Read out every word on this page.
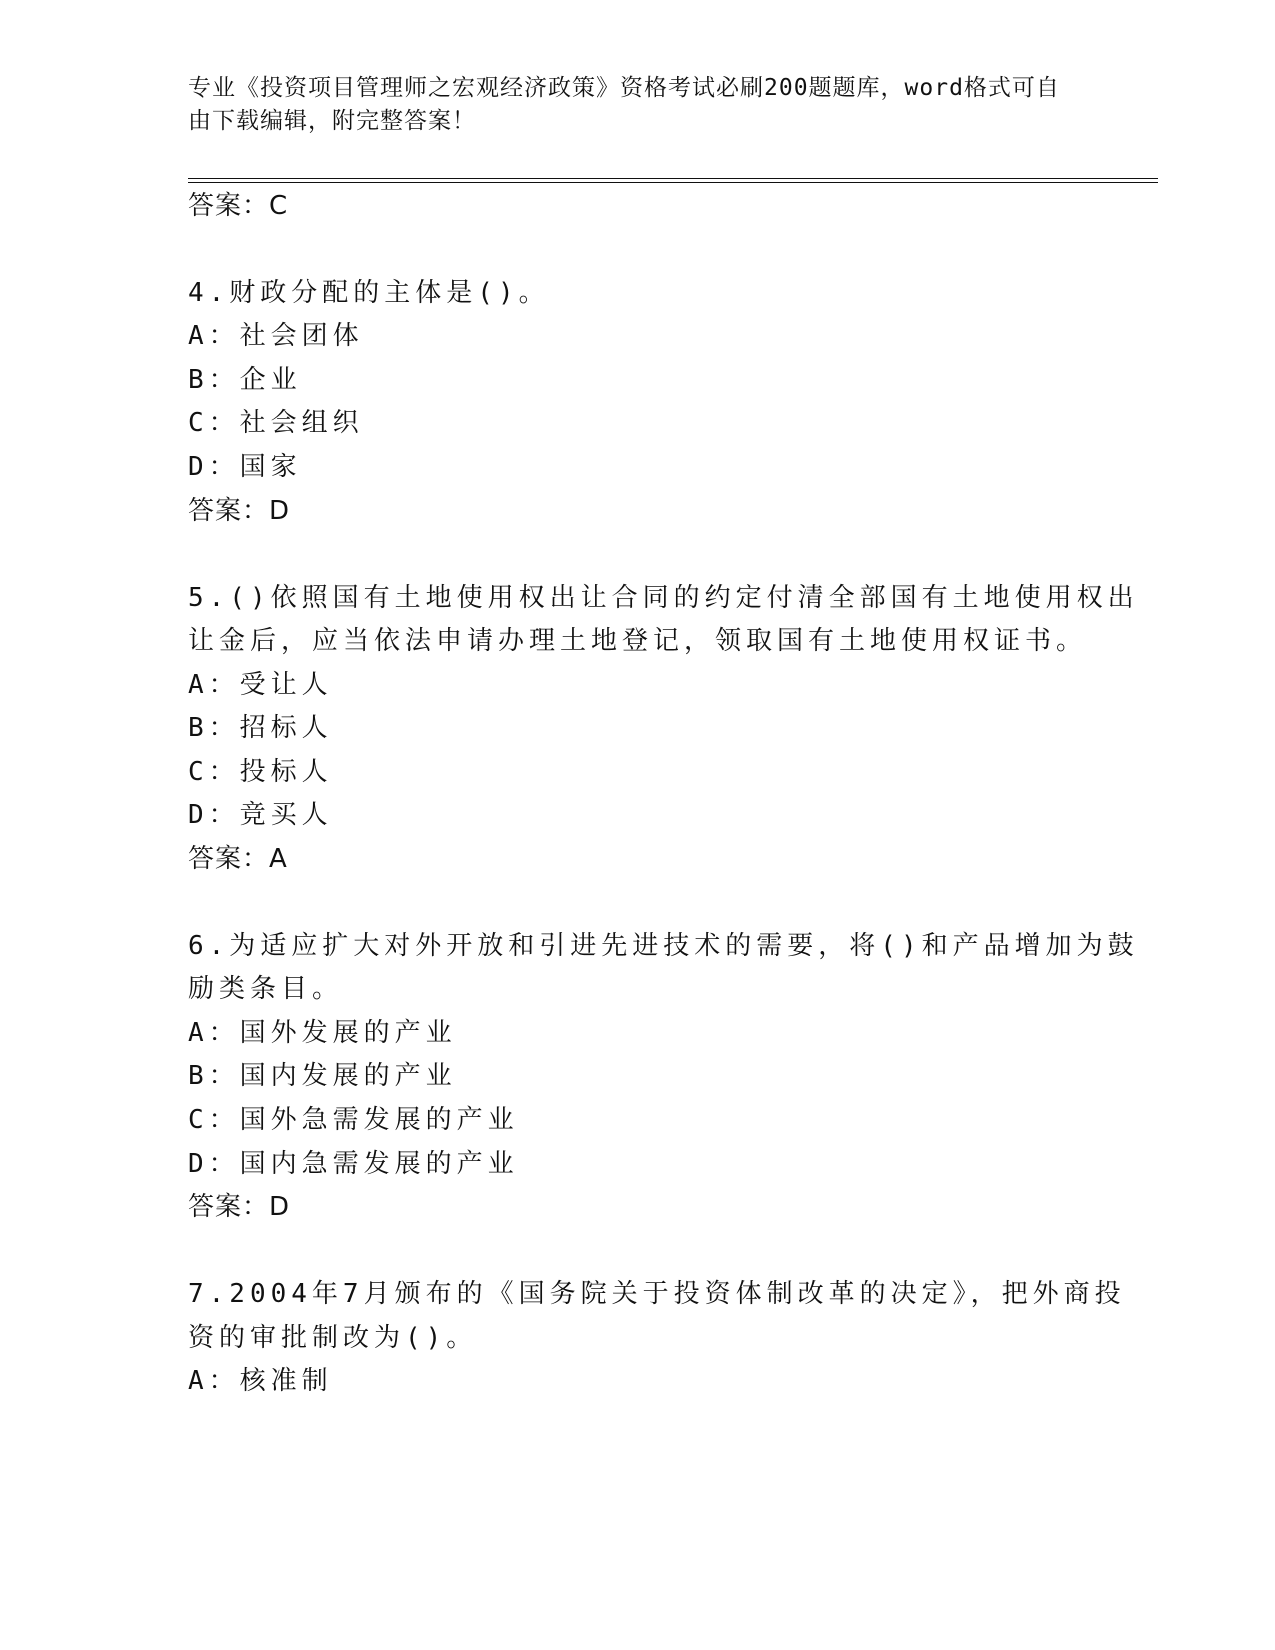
专业《投资项目管理师之宏观经济政策》资格考试必刷200题题库，word格式可自由下载编辑，附完整答案！

答案：C

4.财政分配的主体是()。

A：社会团体

B：企业

C：社会组织

D：国家

答案：D

5.()依照国有土地使用权出让合同的约定付清全部国有土地使用权出

让金后，应当依法申请办理土地登记，领取国有土地使用权证书。

A：受让人

B：招标人

C：投标人

D：竞买人

答案：A

6.为适应扩大对外开放和引进先进技术的需要，将()和产品增加为鼓

励类条目。

A：国外发展的产业

B：国内发展的产业

C：国外急需发展的产业

D：国内急需发展的产业

答案：D

7.2004年7月颁布的《国务院关于投资体制改革的决定》，把外商投

资的审批制改为()。

A：核准制
